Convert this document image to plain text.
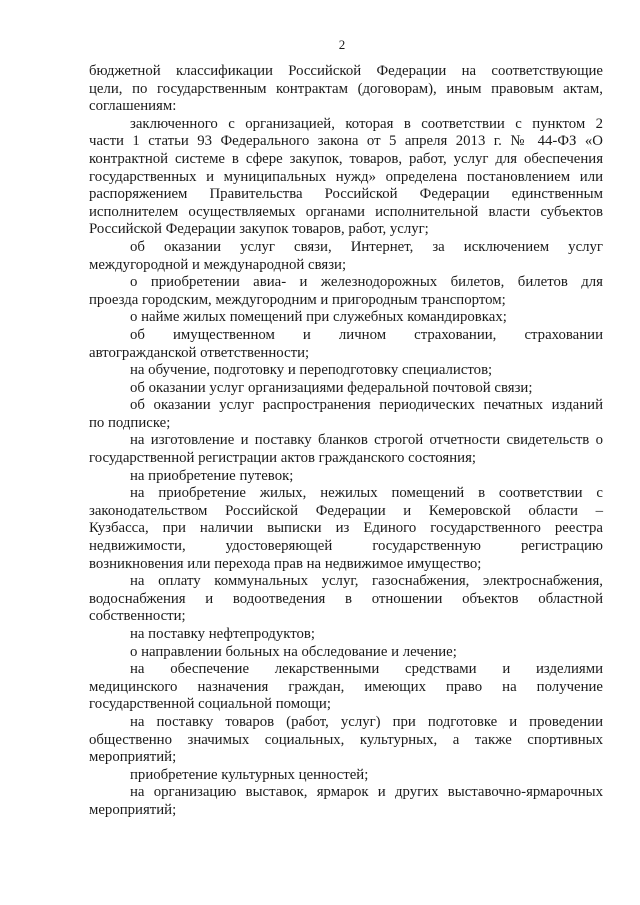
2
бюджетной классификации Российской Федерации на соответствующие
цели, по государственным контрактам (договорам), иным правовым актам,
соглашениям:
заключенного с организацией, которая в соответствии с пунктом 2
части 1 статьи 93 Федерального закона от 5 апреля 2013 г. № 44-ФЗ «О
контрактной системе в сфере закупок, товаров, работ, услуг для обеспечения
государственных и муниципальных нужд» определена постановлением или
распоряжением Правительства Российской Федерации единственным
исполнителем осуществляемых органами исполнительной власти субъектов
Российской Федерации закупок товаров, работ, услуг;
об оказании услуг связи, Интернет, за исключением услуг
междугородной и международной связи;
о приобретении авиа- и железнодорожных билетов, билетов для
проезда городским, междугородним и пригородным транспортом;
о найме жилых помещений при служебных командировках;
об имущественном и личном страховании, страховании
автогражданской ответственности;
на обучение, подготовку и переподготовку специалистов;
об оказании услуг организациями федеральной почтовой связи;
об оказании услуг распространения периодических печатных изданий
по подписке;
на изготовление и поставку бланков строгой отчетности свидетельств о
государственной регистрации актов гражданского состояния;
на приобретение путевок;
на приобретение жилых, нежилых помещений в соответствии с
законодательством Российской Федерации и Кемеровской области –
Кузбасса, при наличии выписки из Единого государственного реестра
недвижимости, удостоверяющей государственную регистрацию
возникновения или перехода прав на недвижимое имущество;
на оплату коммунальных услуг, газоснабжения, электроснабжения,
водоснабжения и водоотведения в отношении объектов областной
собственности;
на поставку нефтепродуктов;
о направлении больных на обследование и лечение;
на обеспечение лекарственными средствами и изделиями
медицинского назначения граждан, имеющих право на получение
государственной социальной помощи;
на поставку товаров (работ, услуг) при подготовке и проведении
общественно значимых социальных, культурных, а также спортивных
мероприятий;
приобретение культурных ценностей;
на организацию выставок, ярмарок и других выставочно-ярмарочных
мероприятий;
